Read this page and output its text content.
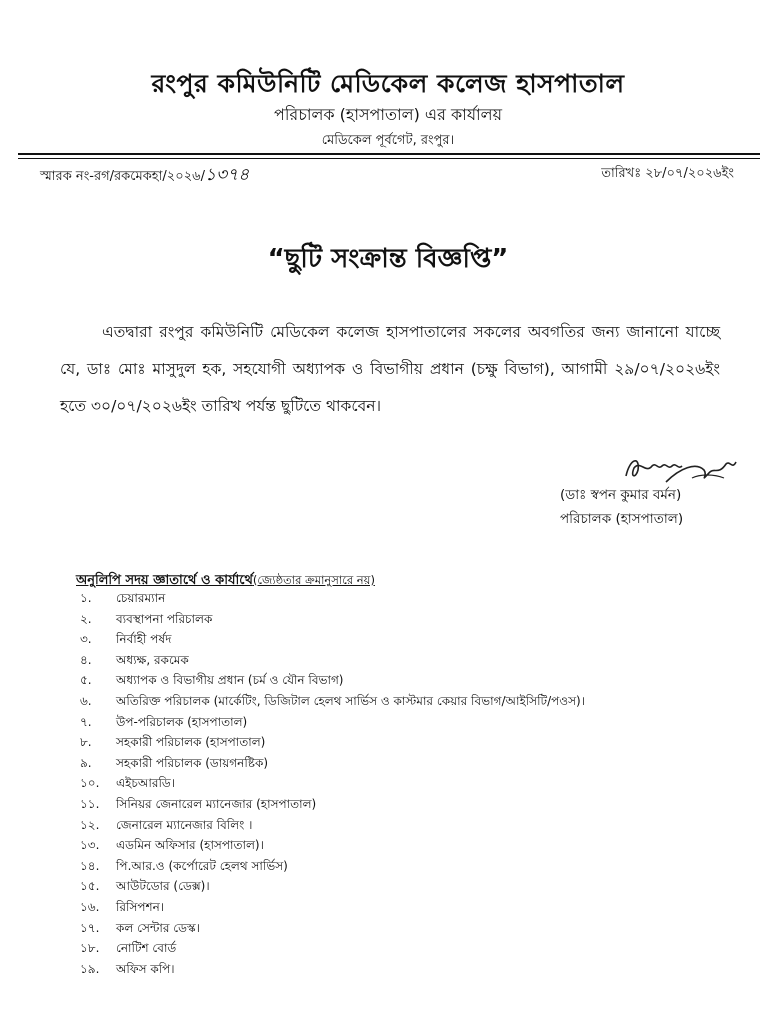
রংপুর কমিউনিটি মেডিকেল কলেজ হাসপাতাল
পরিচালক (হাসপাতাল) এর কার্যালয়
মেডিকেল পূর্বগেট, রংপুর।
স্মারক নং-রগ/রকমেকহা/২০২৬/১৩৭৪	তারিখঃ ২৮/০৭/২০২৬ইং
“ছুটি সংক্রান্ত বিজ্ঞপ্তি”
এতদ্বারা রংপুর কমিউনিটি মেডিকেল কলেজ হাসপাতালের সকলের অবগতির জন্য জানানো যাচ্ছে যে, ডাঃ মোঃ মাসুদুল হক, সহযোগী অধ্যাপক ও বিভাগীয় প্রধান (চক্ষু বিভাগ), আগামী ২৯/০৭/২০২৬ইং হতে ৩০/০৭/২০২৬ইং তারিখ পর্যন্ত ছুটিতে থাকবেন।
(ডাঃ স্বপন কুমার বর্মন)
পরিচালক (হাসপাতাল)
অনুলিপি সদয় জ্ঞাতার্থে ও কার্যার্থে(জ্যেষ্ঠতার ক্রমানুসারে নয়)
১.	চেয়ারম্যান
২.	ব্যবস্থাপনা পরিচালক
৩.	নির্বাহী পর্ষদ
৪.	অধ্যক্ষ, রকমেক
৫.	অধ্যাপক ও বিভাগীয় প্রধান (চর্ম ও যৌন বিভাগ)
৬.	অতিরিক্ত পরিচালক (মার্কেটিং, ডিজিটাল হেলথ সার্ভিস ও কাস্টমার কেয়ার বিভাগ/আইসিটি/পওস)।
৭.	উপ-পরিচালক (হাসপাতাল)
৮.	সহকারী পরিচালক (হাসপাতাল)
৯.	সহকারী পরিচালক (ডায়গনষ্টিক)
১০.	এইচআরডি।
১১.	সিনিয়র জেনারেল ম্যানেজার (হাসপাতাল)
১২.	জেনারেল ম্যানেজার বিলিং ।
১৩.	এডমিন অফিসার (হাসপাতাল)।
১৪.	পি.আর.ও (কর্পোরেট হেলথ সার্ভিস)
১৫.	আউটডোর (ডেক্স)।
১৬.	রিসিপশন।
১৭.	কল সেন্টার ডেস্ক।
১৮.	নোটিশ বোর্ড
১৯.	অফিস কপি।
